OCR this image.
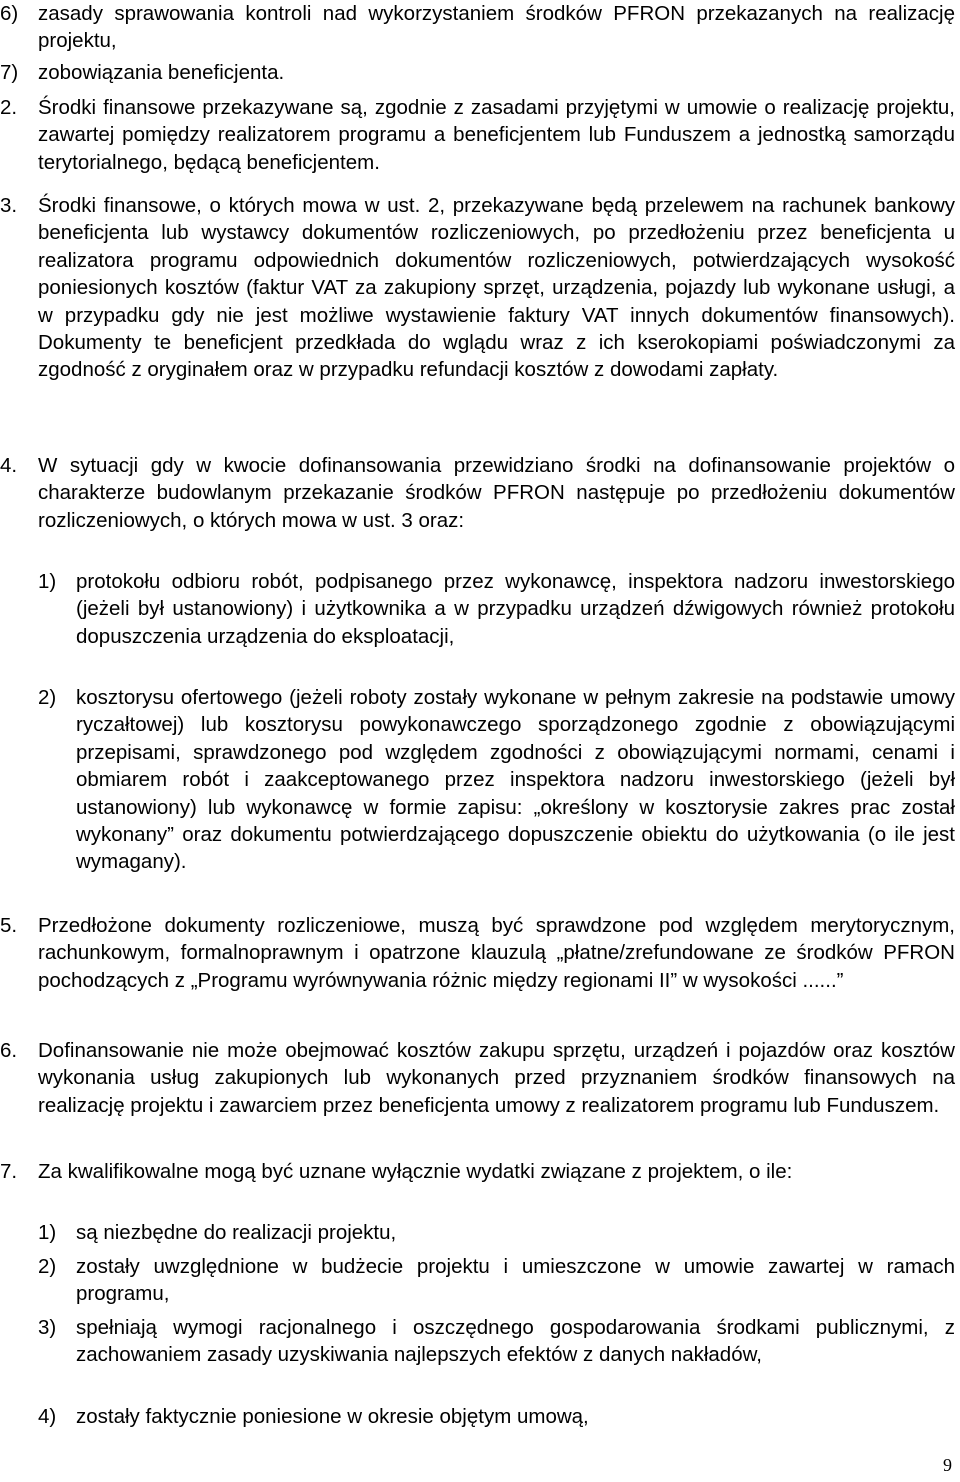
6) zasady sprawowania kontroli nad wykorzystaniem środków PFRON przekazanych na realizację projektu,

7) zobowiązania beneficjenta.

2. Środki finansowe przekazywane są, zgodnie z zasadami przyjętymi w umowie o realizację projektu, zawartej pomiędzy realizatorem programu a beneficjentem lub Funduszem a jednostką samorządu terytorialnego, będącą beneficjentem.

3. Środki finansowe, o których mowa w ust. 2, przekazywane będą przelewem na rachunek bankowy beneficjenta lub wystawcy dokumentów rozliczeniowych, po przedłożeniu przez beneficjenta u realizatora programu odpowiednich dokumentów rozliczeniowych, potwierdzających wysokość poniesionych kosztów (faktur VAT za zakupiony sprzęt, urządzenia, pojazdy lub wykonane usługi, a w przypadku gdy nie jest możliwe wystawienie faktury VAT innych dokumentów finansowych). Dokumenty te beneficjent przedkłada do wglądu wraz z ich kserokopiami poświadczonymi za zgodność z oryginałem oraz w przypadku refundacji kosztów z dowodami zapłaty.

4. W sytuacji gdy w kwocie dofinansowania przewidziano środki na dofinansowanie projektów o charakterze budowlanym przekazanie środków PFRON następuje po przedłożeniu dokumentów rozliczeniowych, o których mowa w ust. 3 oraz:

1) protokołu odbioru robót, podpisanego przez wykonawcę, inspektora nadzoru inwestorskiego (jeżeli był ustanowiony) i użytkownika a w przypadku urządzeń dźwigowych również protokołu dopuszczenia urządzenia do eksploatacji,

2) kosztorysu ofertowego (jeżeli roboty zostały wykonane w pełnym zakresie na podstawie umowy ryczałtowej) lub kosztorysu powykonawczego sporządzonego zgodnie z obowiązującymi przepisami, sprawdzonego pod względem zgodności z obowiązującymi normami, cenami i obmiarem robót i zaakceptowanego przez inspektora nadzoru inwestorskiego (jeżeli był ustanowiony) lub wykonawcę w formie zapisu: „określony w kosztorysie zakres prac został wykonany” oraz dokumentu potwierdzającego dopuszczenie obiektu do użytkowania (o ile jest wymagany).

5. Przedłożone dokumenty rozliczeniowe, muszą być sprawdzone pod względem merytorycznym, rachunkowym, formalnoprawnym i opatrzone klauzulą „płatne/zrefundowane ze środków PFRON pochodzących z „Programu wyrównywania różnic między regionami II” w wysokości ......”

6. Dofinansowanie nie może obejmować kosztów zakupu sprzętu, urządzeń i pojazdów oraz kosztów wykonania usług zakupionych lub wykonanych przed przyznaniem środków finansowych na realizację projektu i zawarciem przez beneficjenta umowy z realizatorem programu lub Funduszem.

7. Za kwalifikowalne mogą być uznane wyłącznie wydatki związane z projektem, o ile:

1) są niezbędne do realizacji projektu,

2) zostały uwzględnione w budżecie projektu i umieszczone w umowie zawartej w ramach programu,

3) spełniają wymogi racjonalnego i oszczędnego gospodarowania środkami publicznymi, z zachowaniem zasady uzyskiwania najlepszych efektów z danych nakładów,

4) zostały faktycznie poniesione w okresie objętym umową,

9
